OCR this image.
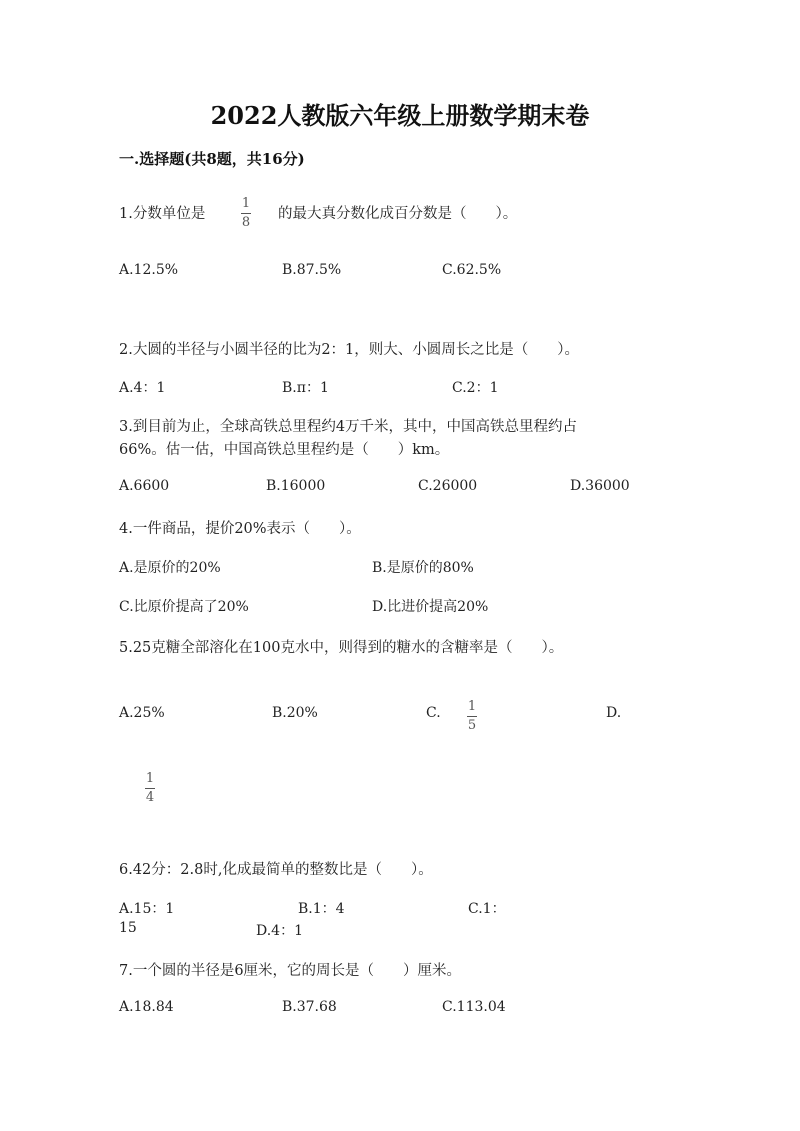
2022人教版六年级上册数学期末卷
一.选择题(共8题，共16分)
1.分数单位是
1
8
的最大真分数化成百分数是（　　）。
A.12.5%	B.87.5%	C.62.5%
2.大圆的半径与小圆半径的比为2：1，则大、小圆周长之比是（　　）。
A.4：1	B.π：1	C.2：1
3.到目前为止，全球高铁总里程约4万千米，其中，中国高铁总里程约占
66%。估一估，中国高铁总里程约是（　　）km。
A.6600	B.16000	C.26000	D.36000
4.一件商品，提价20%表示（　　）。
A.是原价的20%	B.是原价的80%
C.比原价提高了20%	D.比进价提高20%
5.25克糖全部溶化在100克水中，则得到的糖水的含糖率是（　　）。
A.25%	B.20%	C. 1
5
D.
1
4
6.42分：2.8时,化成最简单的整数比是（　　）。
A.15：1	B.1：4	C.1：
15	D.4：1
7.一个圆的半径是6厘米，它的周长是（　　）厘米。
A.18.84	B.37.68	C.113.04
